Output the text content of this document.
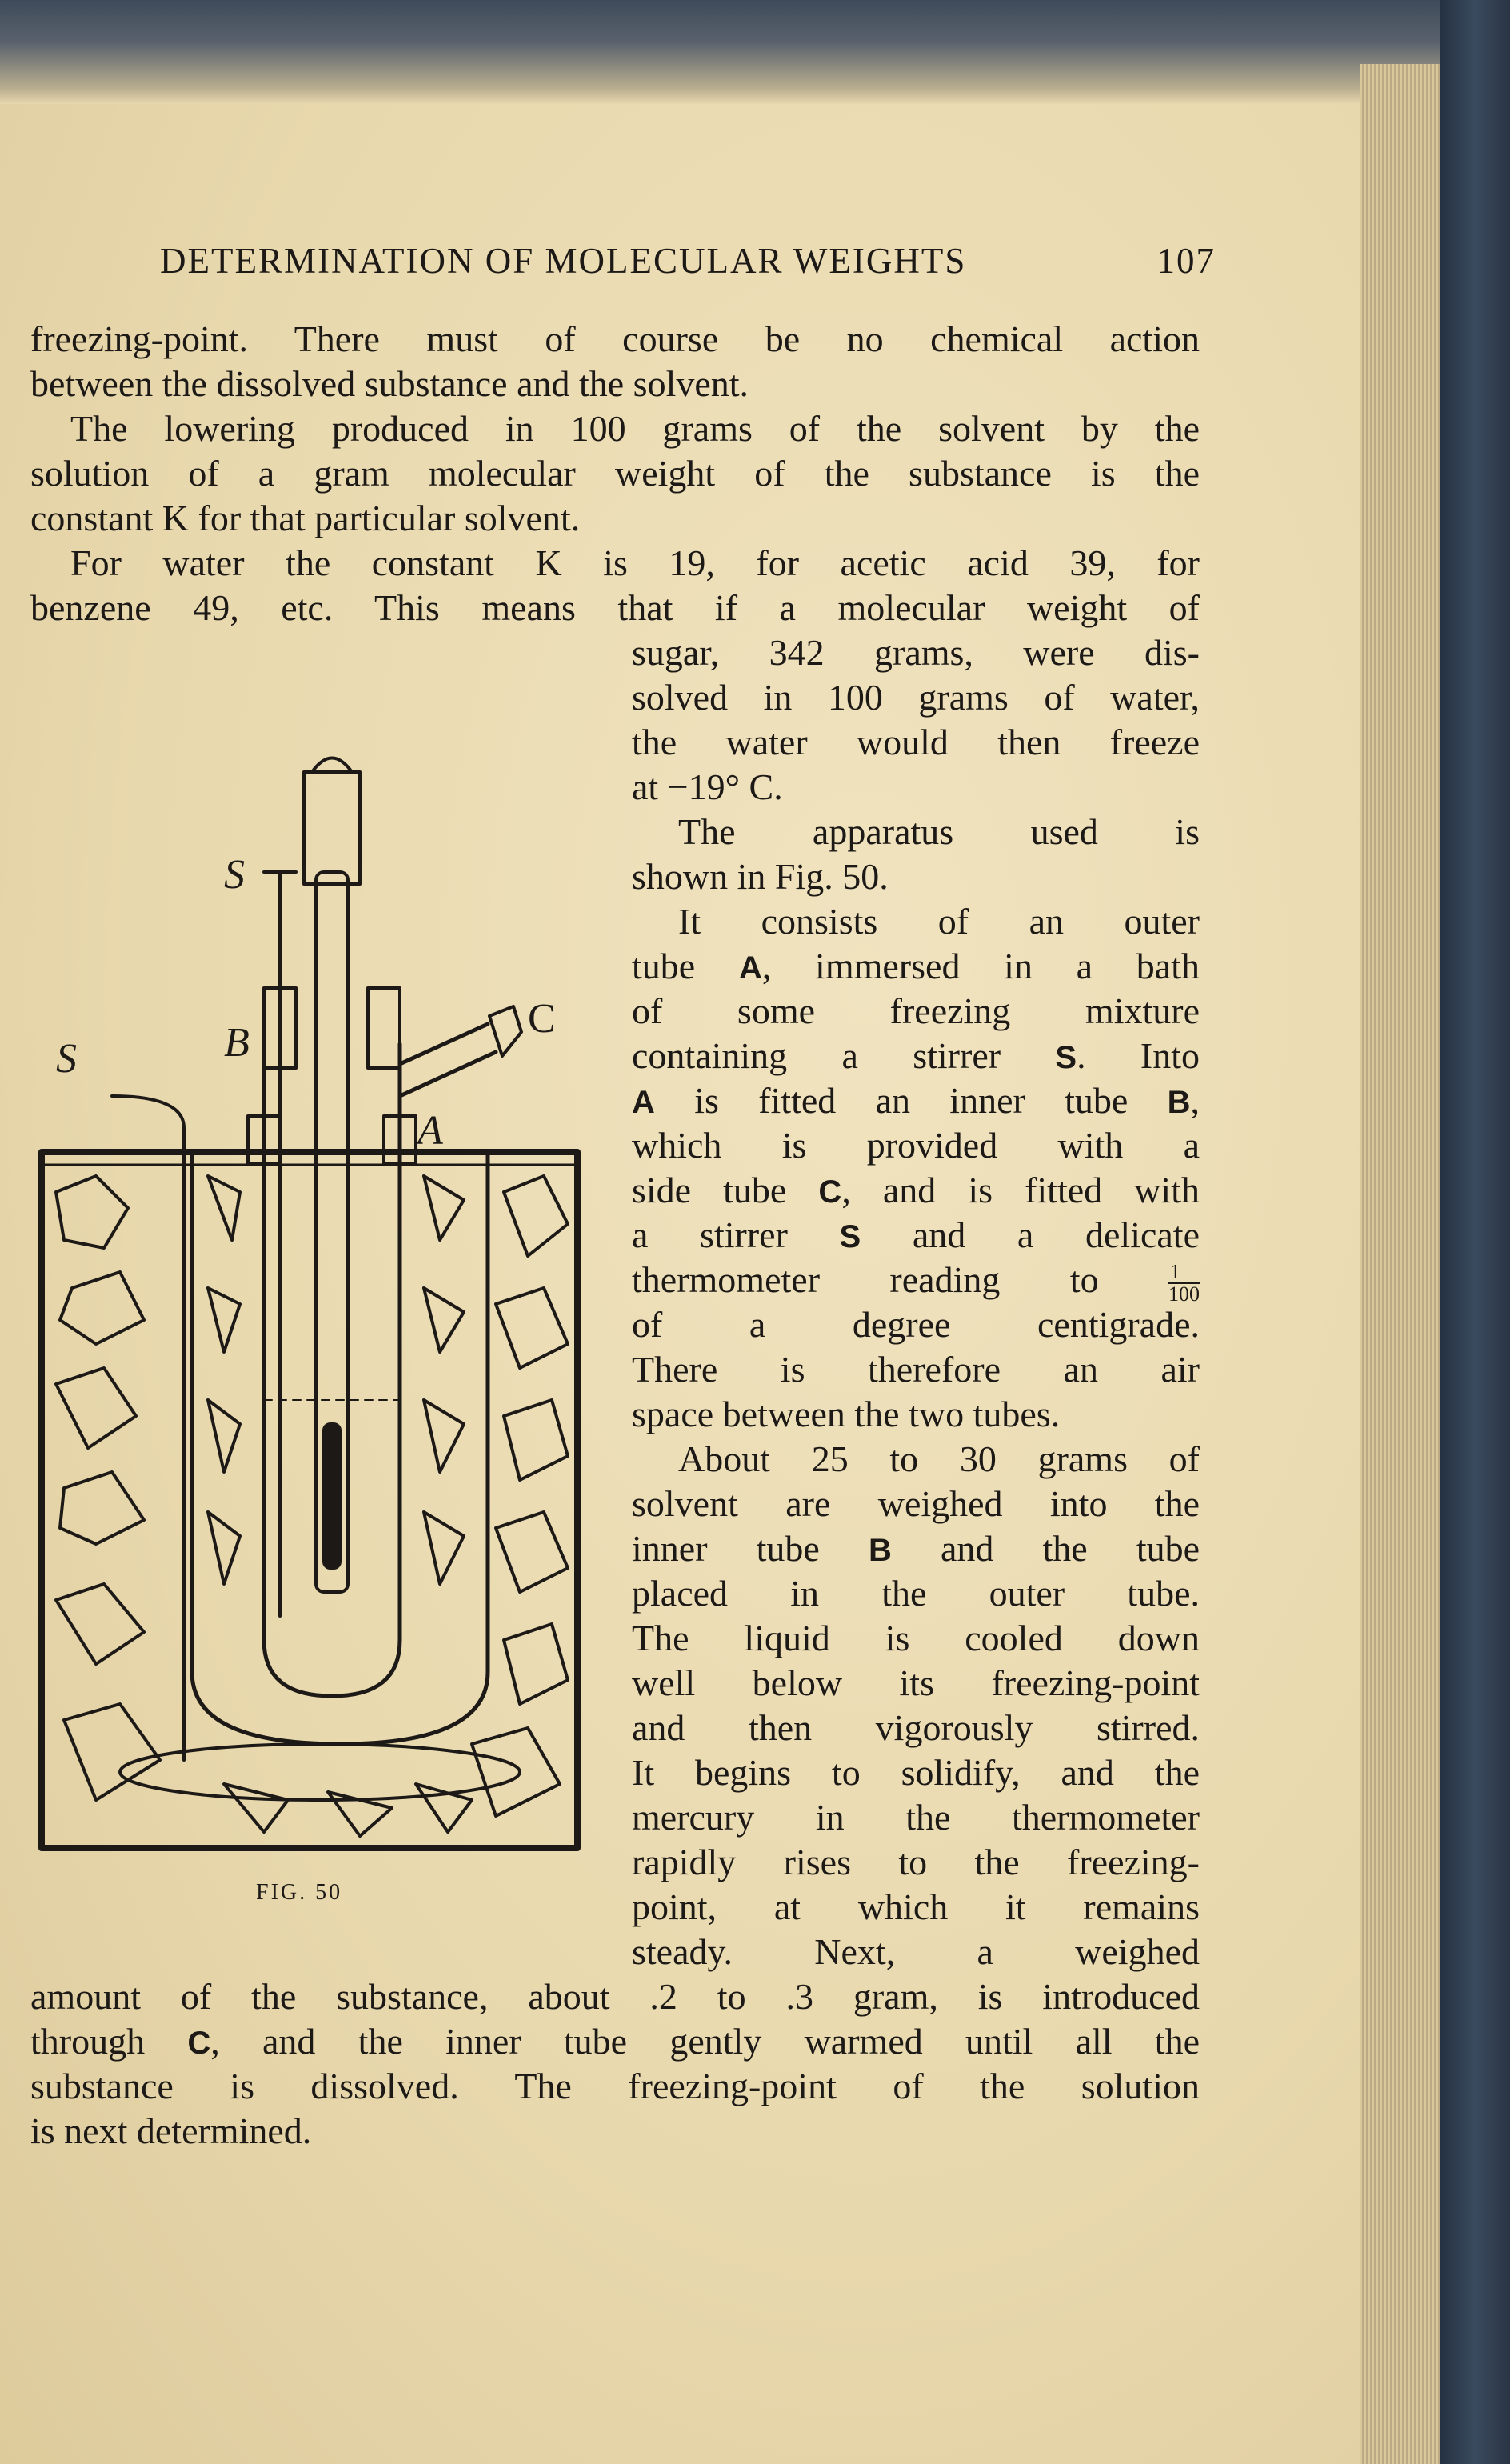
DETERMINATION OF MOLECULAR WEIGHTS	107
freezing-point. There must of course be no chemical action
between the dissolved substance and the solvent.
The lowering produced in 100 grams of the solvent by the
solution of a gram molecular weight of the substance is the
constant K for that particular solvent.
For water the constant K is 19, for acetic acid 39, for
benzene 49, etc. This means that if a molecular weight of
sugar, 342 grams, were dis-
solved in 100 grams of water,
the water would then freeze
at −19° C.
The apparatus used is
shown in Fig. 50.
It consists of an outer
tube A, immersed in a bath
of some freezing mixture
containing a stirrer S. Into
A is fitted an inner tube B,
which is provided with a
side tube C, and is fitted with
a stirrer S and a delicate
thermometer reading to	$\frac{1}{100}$
of a degree centigrade.
There is therefore an air
space between the two tubes.
About 25 to 30 grams of
solvent are weighed into the
inner tube B and the tube
placed in the outer tube.
The liquid is cooled down
well below its freezing-point
and then vigorously stirred.
It begins to solidify, and the
mercury in the thermometer
rapidly rises to the freezing-
point, at which it remains
steady. Next, a weighed
amount of the substance, about .2 to .3 gram, is introduced
through C, and the inner tube gently warmed until all the
substance is dissolved. The freezing-point of the solution
is next determined.
S
S	B
C
A
FIG. 50
